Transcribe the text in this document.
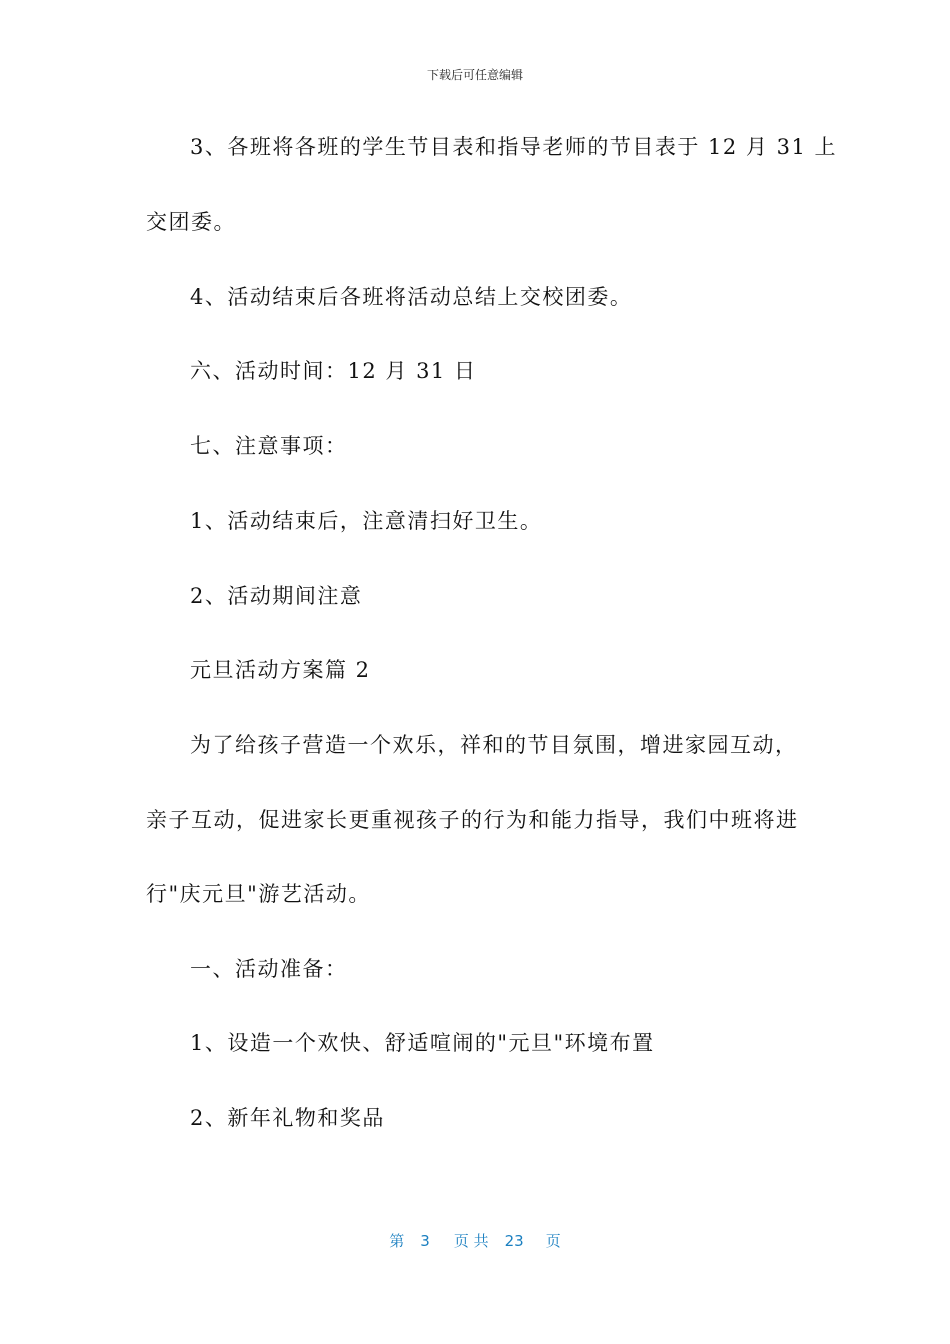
下载后可任意编辑
3、各班将各班的学生节目表和指导老师的节目表于 12 月 31 上
交团委。
4、活动结束后各班将活动总结上交校团委。
六、活动时间：12 月 31 日
七、注意事项：
1、活动结束后，注意清扫好卫生。
2、活动期间注意
元旦活动方案篇 2
为了给孩子营造一个欢乐，祥和的节目氛围，增进家园互动，
亲子互动，促进家长更重视孩子的行为和能力指导，我们中班将进
行"庆元旦"游艺活动。
一、活动准备：
1、设造一个欢快、舒适喧闹的"元旦"环境布置
2、新年礼物和奖品
第 3 页 共 23 页
